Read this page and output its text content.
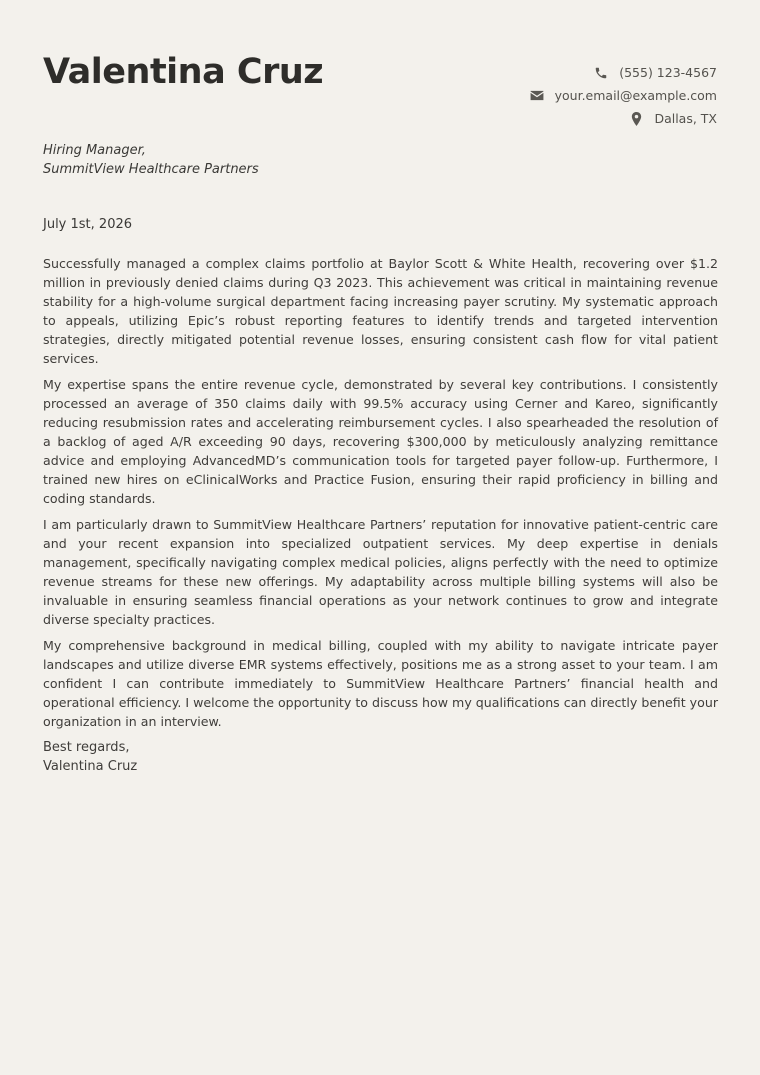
Valentina Cruz	(555) 123-4567
your.email@example.com
Dallas, TX
Hiring Manager,
SummitView Healthcare Partners
July 1st, 2026

Successfully managed a complex claims portfolio at Baylor Scott & White Health, recovering over $1.2 million in previously denied claims during Q3 2023. This achievement was critical in maintaining revenue stability for a high-volume surgical department facing increasing payer scrutiny. My systematic approach to appeals, utilizing Epic’s robust reporting features to identify trends and targeted intervention strategies, directly mitigated potential revenue losses, ensuring consistent cash flow for vital patient services.

My expertise spans the entire revenue cycle, demonstrated by several key contributions. I consistently processed an average of 350 claims daily with 99.5% accuracy using Cerner and Kareo, significantly reducing resubmission rates and accelerating reimbursement cycles. I also spearheaded the resolution of a backlog of aged A/R exceeding 90 days, recovering $300,000 by meticulously analyzing remittance advice and employing AdvancedMD’s communication tools for targeted payer follow-up. Furthermore, I trained new hires on eClinicalWorks and Practice Fusion, ensuring their rapid proficiency in billing and coding standards.

I am particularly drawn to SummitView Healthcare Partners’ reputation for innovative patient-centric care and your recent expansion into specialized outpatient services. My deep expertise in denials management, specifically navigating complex medical policies, aligns perfectly with the need to optimize revenue streams for these new offerings. My adaptability across multiple billing systems will also be invaluable in ensuring seamless financial operations as your network continues to grow and integrate diverse specialty practices.

My comprehensive background in medical billing, coupled with my ability to navigate intricate payer landscapes and utilize diverse EMR systems effectively, positions me as a strong asset to your team. I am confident I can contribute immediately to SummitView Healthcare Partners’ financial health and operational efficiency. I welcome the opportunity to discuss how my qualifications can directly benefit your organization in an interview.

Best regards,
Valentina Cruz
